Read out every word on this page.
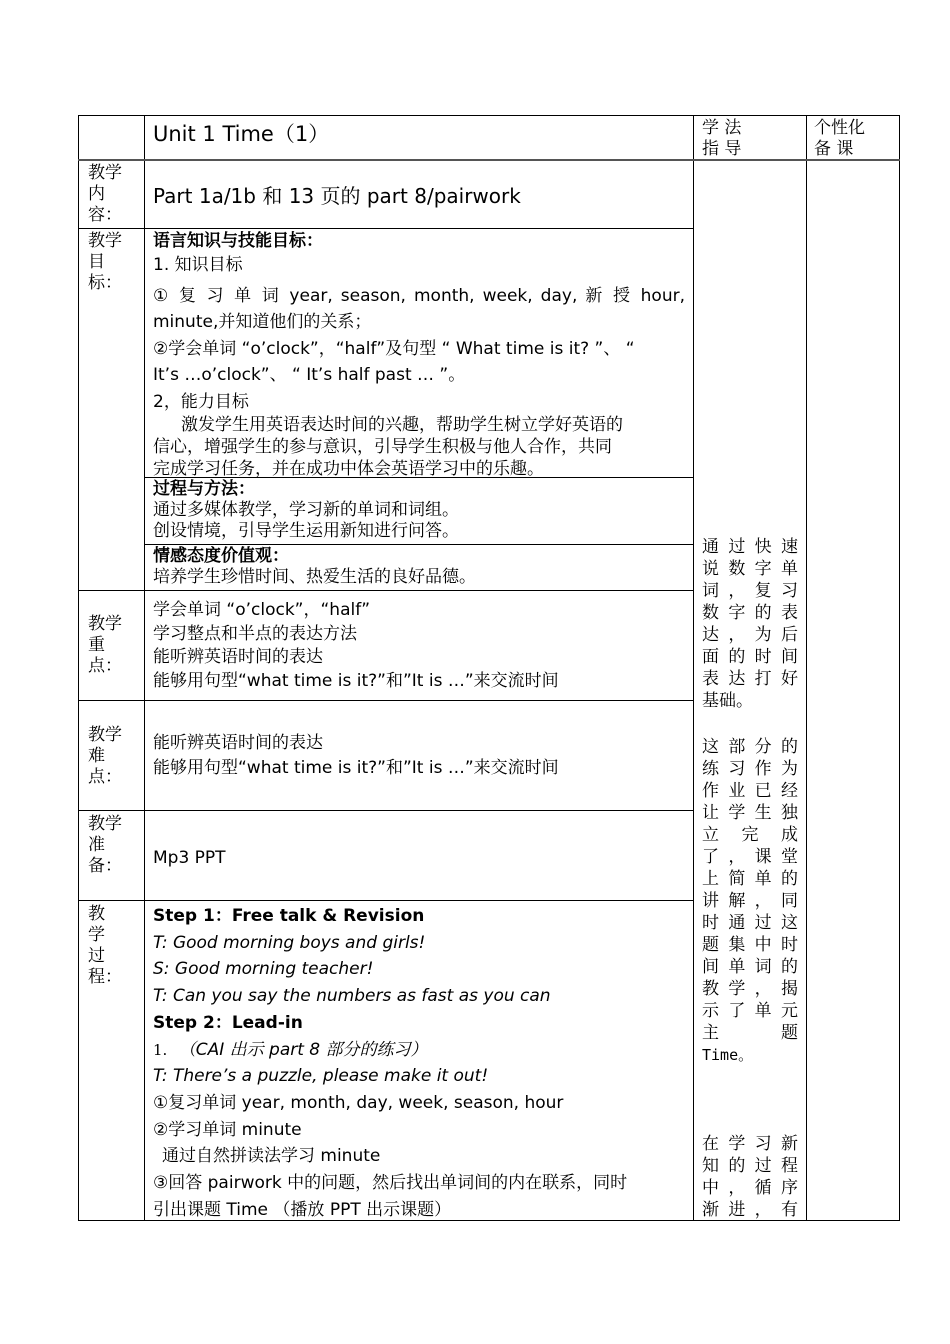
Unit 1 Time（1）	学 法
指 导
个性化
备 课
教学
内
容：
教学
目
标：
教学
重
点：
教学
难
点：
教学
准
备：
教
学
过
程：
Part 1a/1b 和 13 页的 part 8/pairwork
语言知识与技能目标：
1. 知识目标
① 复 习 单 词 year, season, month, week, day, 新 授 hour,
minute,并知道他们的关系；
②学会单词 “o’clock”，“half”及句型 “ What time is it? ”、 “
It’s …o’clock”、 “ It’s half past … ”。
2，能力目标
激发学生用英语表达时间的兴趣，帮助学生树立学好英语的
信心，增强学生的参与意识，引导学生积极与他人合作，共同
完成学习任务，并在成功中体会英语学习中的乐趣。
过程与方法：
通过多媒体教学，学习新的单词和词组。
创设情境，引导学生运用新知进行问答。
情感态度价值观：
培养学生珍惜时间、热爱生活的良好品德。
学会单词 “o’clock”，“half”
学习整点和半点的表达方法
能听辨英语时间的表达
能够用句型“what time is it?”和”It is …”来交流时间
能听辨英语时间的表达
能够用句型“what time is it?”和”It is …”来交流时间
Mp3 PPT
Step 1：Free talk & Revision
T: Good morning boys and girls!
S: Good morning teacher!
T: Can you say the numbers as fast as you can
Step 2：Lead-in
1. （CAI 出示 part 8 部分的练习）
T: There’s a puzzle, please make it out!
①复习单词 year, month, day, week, season, hour
②学习单词 minute
通过自然拼读法学习 minute
③回答 pairwork 中的问题，然后找出单词间的内在联系，同时
引出课题 Time （播放 PPT 出示课题）
通过快速
说数字单
词，复习
数字的表
达，为后
面的时间
表达打好
基础。
这部分的
练习作为
作业已经
让学生独
立 完 成
了，课堂
上简单的
讲解，同
时通过这
题集中时
间单词的
教学，揭
示了单元
主　　题
Time。
在学习新
知的过程
中，循序
渐进，有
